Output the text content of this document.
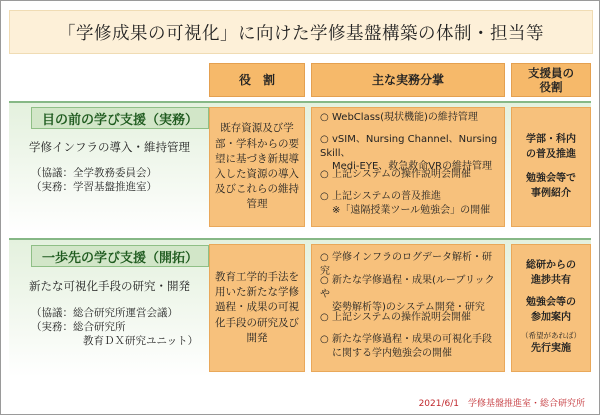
「学修成果の可視化」に向けた学修基盤構築の体制・担当等
役　割	主な実務分掌	支援員の役割
目の前の学び支援（実務）
学修インフラの導入・維持管理
（協議：全学教務委員会）
（実務：学習基盤推進室）
既存資源及び学部・学科からの要望に基づき新規導入した資源の導入及びこれらの維持管理
○ WebClass(現状機能)の維持管理
○ vSIM、Nursing Channel、Nursing Skill、
Medi-EYE、救急救命VRの維持管理
○ 上記システムの操作説明会開催
○ 上記システムの普及推進
※「遠隔授業ツール勉強会」の開催
学部・科内
の普及推進
勉強会等で
事例紹介
一歩先の学び支援（開拓）
新たな可視化手段の研究・開発
（協議：総合研究所運営会議）
（実務：総合研究所
教育ＤＸ研究ユニット）
教育工学的手法を用いた新たな学修過程・成果の可視化手段の研究及び開発
○ 学修インフラのログデータ解析・研究
○ 新たな学修過程・成果(ルーブリックや
姿勢解析等)のシステム開発・研究
○ 上記システムの操作説明会開催
○ 新たな学修過程・成果の可視化手段
に関する学内勉強会の開催
総研からの
進捗共有
勉強会等の
参加案内
（希望があれば）
先行実施
2021/6/1　学修基盤推進室・総合研究所
